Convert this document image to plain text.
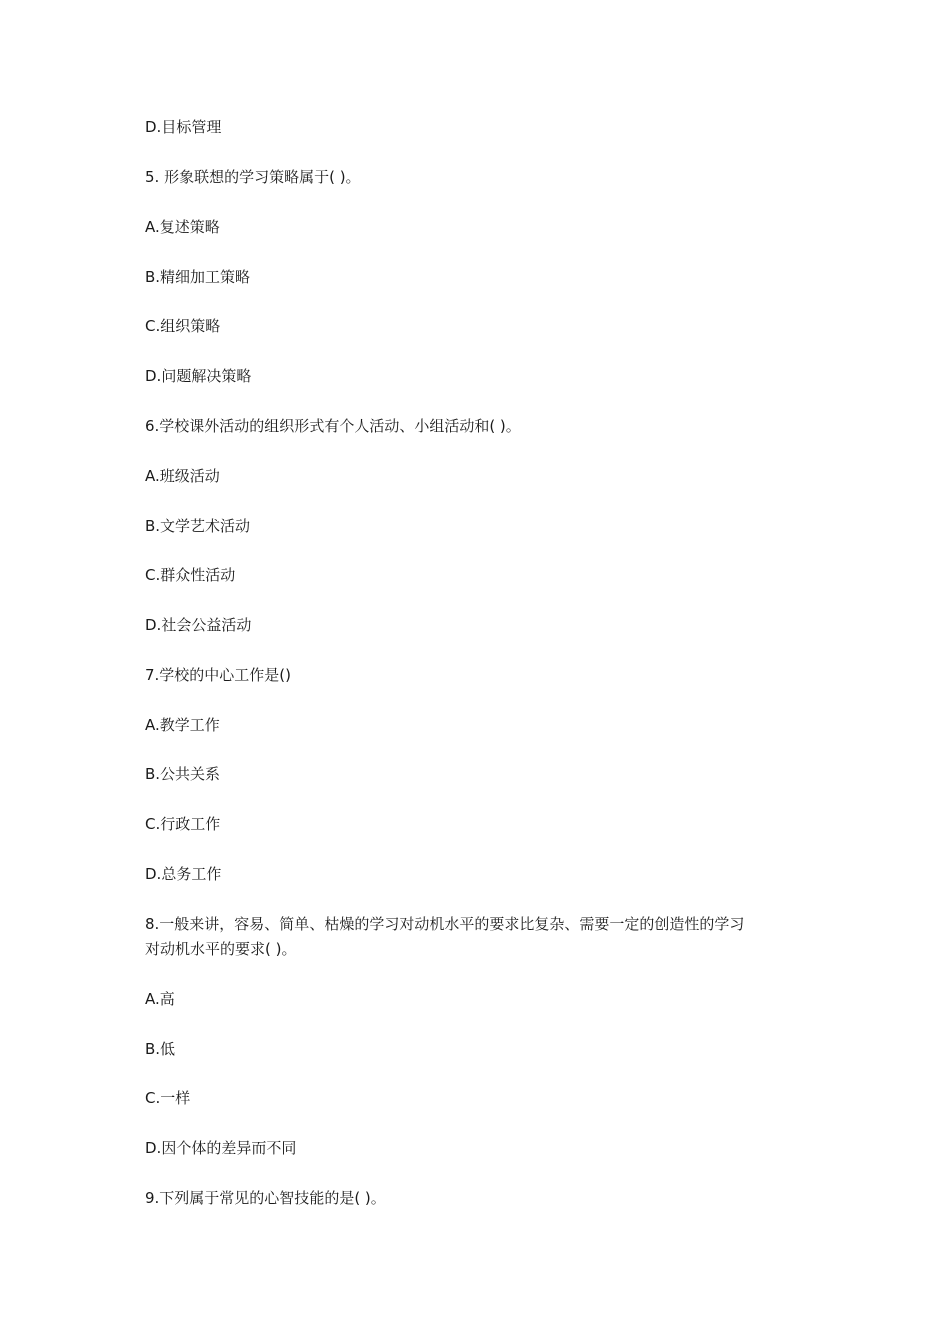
D.目标管理
5. 形象联想的学习策略属于( )。
A.复述策略
B.精细加工策略
C.组织策略
D.问题解决策略
6.学校课外活动的组织形式有个人活动、小组活动和( )。
A.班级活动
B.文学艺术活动
C.群众性活动
D.社会公益活动
7.学校的中心工作是()
A.教学工作
B.公共关系
C.行政工作
D.总务工作
8.一般来讲，容易、简单、枯燥的学习对动机水平的要求比复杂、需要一定的创造性的学习
对动机水平的要求( )。
A.高
B.低
C.一样
D.因个体的差异而不同
9.下列属于常见的心智技能的是( )。
